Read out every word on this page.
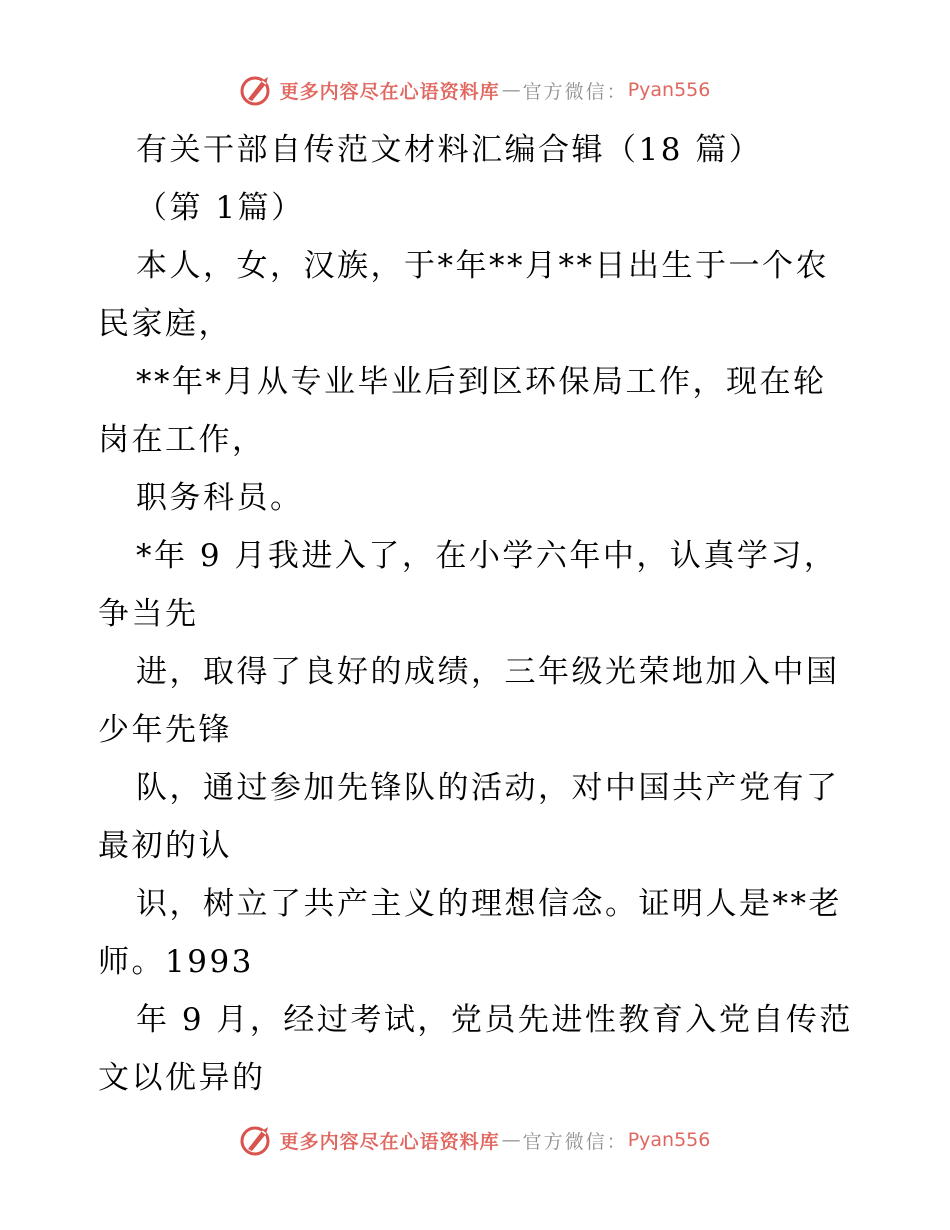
更多内容尽在心语资料库 — 官方微信： Pyan556
有关干部自传范文材料汇编合辑（18 篇）
（第 1篇）
本人，女，汉族，于*年**月**日出生于一个农
民家庭，
**年*月从专业毕业后到区环保局工作，现在轮
岗在工作，
职务科员。
*年 9 月我进入了，在小学六年中，认真学习，
争当先
进，取得了良好的成绩，三年级光荣地加入中国
少年先锋
队，通过参加先锋队的活动，对中国共产党有了
最初的认
识，树立了共产主义的理想信念。证明人是**老
师。1993
年 9 月，经过考试，党员先进性教育入党自传范
文以优异的
更多内容尽在心语资料库 — 官方微信： Pyan556
